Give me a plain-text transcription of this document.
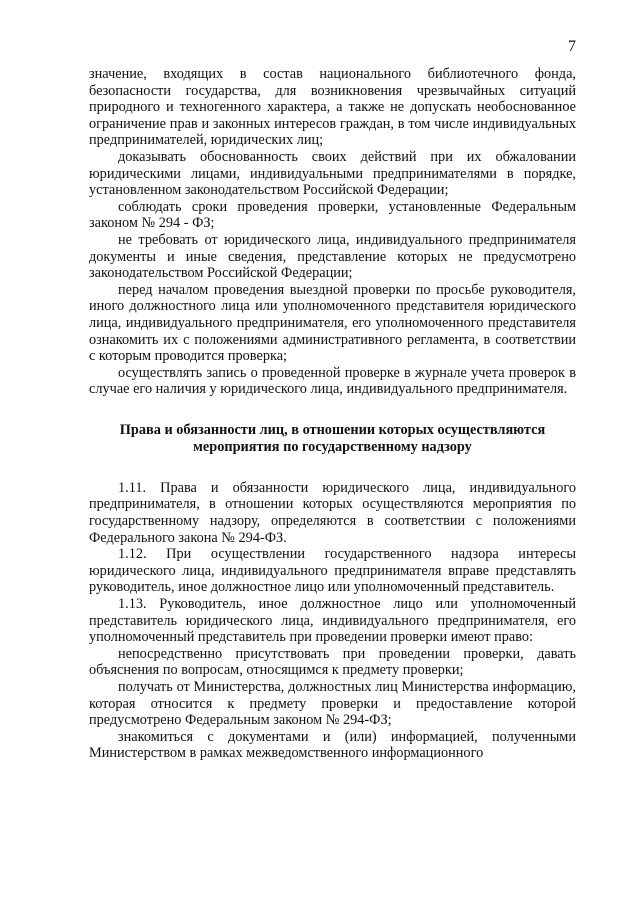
7

значение, входящих в состав национального библиотечного фонда, безопасности государства, для возникновения чрезвычайных ситуаций природного и техногенного характера, а также не допускать необоснованное ограничение прав и законных интересов граждан, в том числе индивидуальных предпринимателей, юридических лиц;

доказывать обоснованность своих действий при их обжаловании юридическими лицами, индивидуальными предпринимателями в порядке, установленном законодательством Российской Федерации;

соблюдать сроки проведения проверки, установленные Федеральным законом № 294 - ФЗ;

не требовать от юридического лица, индивидуального предпринимателя документы и иные сведения, представление которых не предусмотрено законодательством Российской Федерации;

перед началом проведения выездной проверки по просьбе руководителя, иного должностного лица или уполномоченного представителя юридического лица, индивидуального предпринимателя, его уполномоченного представителя ознакомить их с положениями административного регламента, в соответствии с которым проводится проверка;

осуществлять запись о проведенной проверке в журнале учета проверок в случае его наличия у юридического лица, индивидуального предпринимателя.

Права и обязанности лиц, в отношении которых осуществляются
мероприятия по государственному надзору

1.11. Права и обязанности юридического лица, индивидуального предпринимателя, в отношении которых осуществляются мероприятия по государственному надзору, определяются в соответствии с положениями Федерального закона № 294-ФЗ.

1.12. При осуществлении государственного надзора интересы юридического лица, индивидуального предпринимателя вправе представлять руководитель, иное должностное лицо или уполномоченный представитель.

1.13. Руководитель, иное должностное лицо или уполномоченный представитель юридического лица, индивидуального предпринимателя, его уполномоченный представитель при проведении проверки имеют право:

непосредственно присутствовать при проведении проверки, давать объяснения по вопросам, относящимся к предмету проверки;

получать от Министерства, должностных лиц Министерства информацию, которая относится к предмету проверки и предоставление которой предусмотрено Федеральным законом № 294-ФЗ;

знакомиться с документами и (или) информацией, полученными Министерством в рамках межведомственного информационного
